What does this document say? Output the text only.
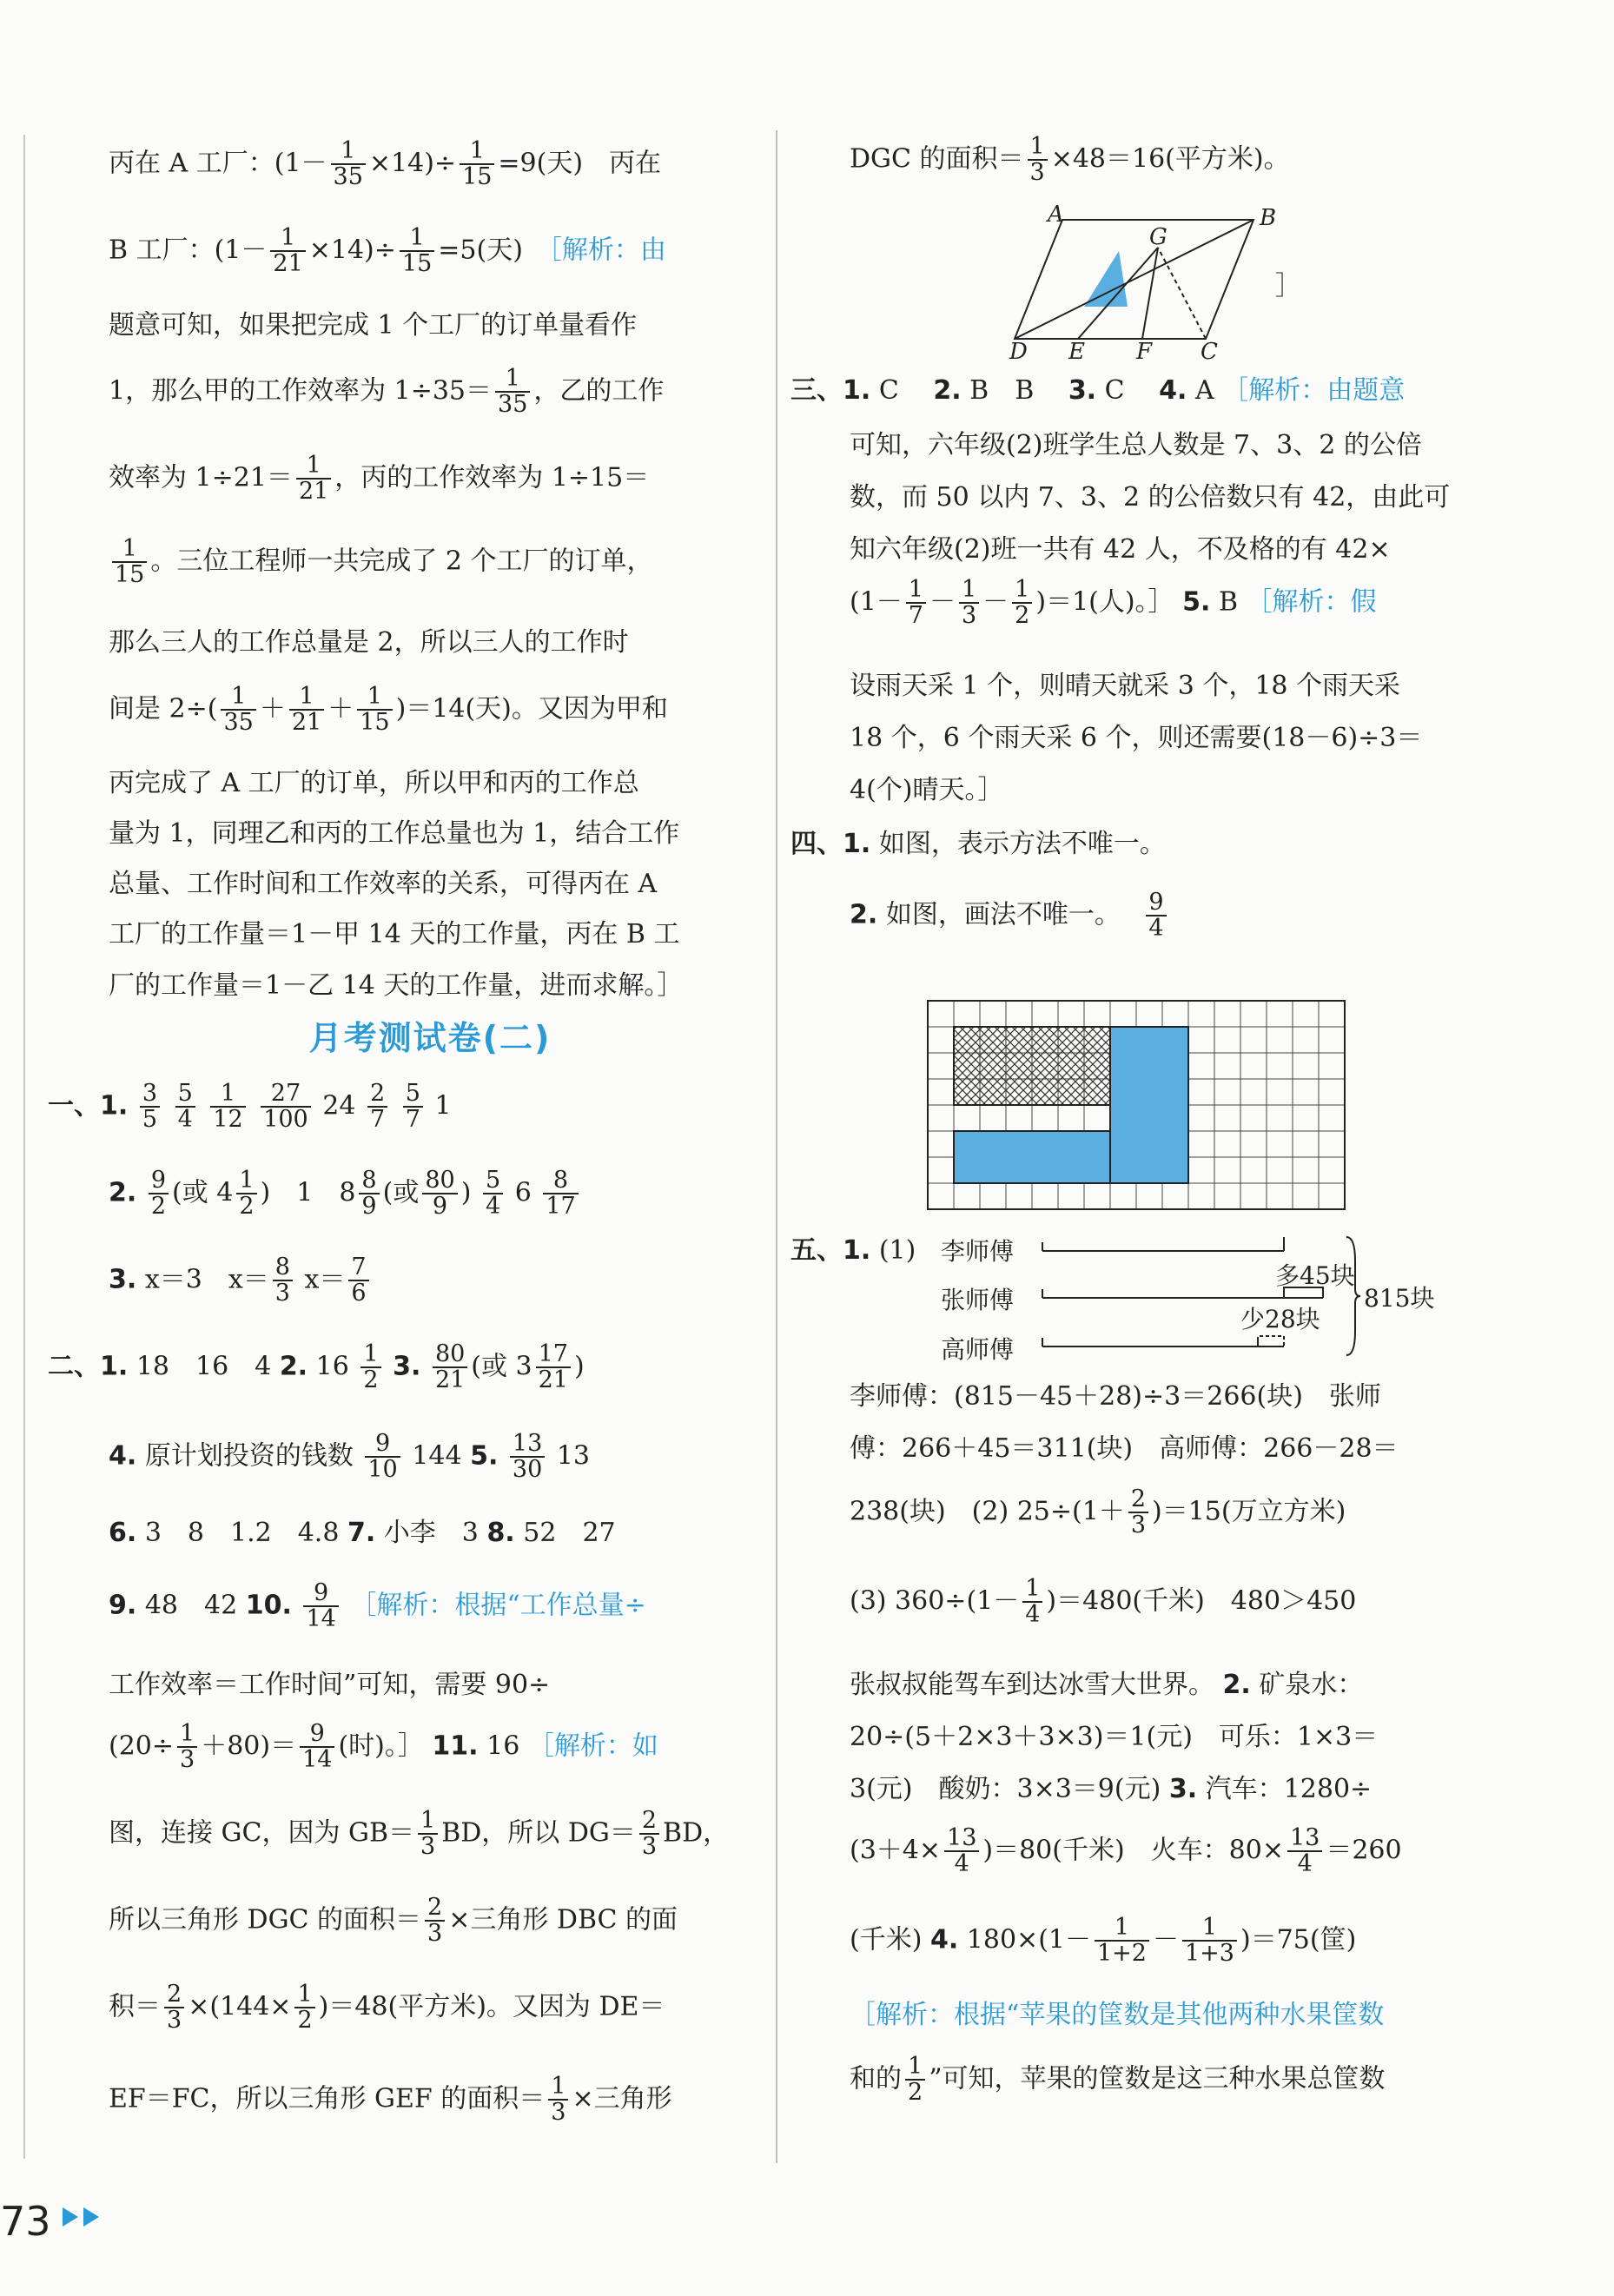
丙在 A 工厂：$(1- \frac{1}{35} \times 14)\div \frac{1}{15} =9$(天)　丙在
B 工厂：$(1- \frac{1}{21} \times 14)\div \frac{1}{15} =5$(天)　 ［解析：由
题意可知，如果把完成 1 个工厂的订单量看作
1，那么甲的工作效率为 $1\div 35= \frac{1}{35}$ ，乙的工作
效率为 $1\div 21= \frac{1}{21}$ ，丙的工作效率为 1÷15＝
$\frac{1}{15}$ 。三位工程师一共完成了 2 个工厂的订单，
那么三人的工作总量是 2，所以三人的工作时
间是 $2\div( \frac{1}{35} + \frac{1}{21} + \frac{1}{15} )=14$(天)。又因为甲和
丙完成了 A 工厂的订单，所以甲和丙的工作总
量为 1，同理乙和丙的工作总量也为 1，结合工作
总量、工作时间和工作效率的关系，可得丙在 A
工厂的工作量＝1－甲 14 天的工作量，丙在 B 工
厂的工作量＝1－乙 14 天的工作量，进而求解。］
月考测试卷(二)
一、1. $\frac{3}{5}$
$\frac{5}{4}$
$\frac{1}{12}$
$\frac{27}{100} 24 \frac{2}{7}$
$\frac{5}{7} 1$
2. $\frac{9}{2}$ (或 $4 \frac{1}{2}$ )　1　$8 \frac{8}{9}$ (或 $\frac{80}{9}$ ) $\frac{5}{4} 6 \frac{8}{17}$
3. x＝3　$x= \frac{8}{3} x= \frac{7}{6}$
二、1. 18　16　4 2. $16 \frac{1}{2} 3$. $\frac{80}{21}$ (或 $3 \frac{17}{21}$ )
4. 原计划投资的钱数 $\frac{9}{10} 144$ 5. $\frac{13}{30} 13$
6. 3　8　1.2　4.8 7. 小李　3 8. 52　27
9. 48　42 10. $\frac{9}{14}$ ［解析：根据“工作总量÷
工作效率＝工作时间”可知，需要 90÷
$(20\div \frac{1}{3} +80)= \frac{9}{14}$ (时)。］ 11. 16 ［解析：如
图，连接 GC，因为 $GB= \frac{1}{3}$ BD，所以 $DG= \frac{2}{3}$ BD，
所以三角形 DGC 的面积＝ $\frac{2}{3}$ ×三角形 DBC 的面
积＝ $\frac{2}{3} \times(144\times \frac{1}{2} )=48$(平方米)。又因为 DE＝
EF＝FC，所以三角形 GEF 的面积＝ $\frac{1}{3}$ ×三角形
DGC 的面积＝ $\frac{1}{3} \times 48=16$(平方米)。
A	B
G
D E F C
］
三、1. C　 2. B　B　 3. C　 4. A ［解析：由题意
可知，六年级(2)班学生总人数是 7、3、2 的公倍
数，而 50 以内 7、3、2 的公倍数只有 42，由此可
知六年级(2)班一共有 42 人，不及格的有 42×
$(1- \frac{1}{7} - \frac{1}{3} - \frac{1}{2} )=1$(人)。］ 5. B ［解析：假
设雨天采 1 个，则晴天就采 3 个，18 个雨天采
18 个，6 个雨天采 6 个，则还需要(18－6)÷3＝
4(个)晴天。］
四、1. 如图，表示方法不唯一。
2. 如图，画法不唯一。 $\frac{9}{4}$
五、1. (1) 李师傅
张师傅
高师傅
多45块
少28块
815块
李师傅：(815－45＋28)÷3＝266(块)　张师
傅：266＋45＝311(块)　高师傅：266－28＝
238(块)　(2) $25\div(1+ \frac{2}{3} )=15$(万立方米)
(3) $360\div(1- \frac{1}{4} )=480$(千米)　480＞450
张叔叔能驾车到达冰雪大世界。 2. 矿泉水：
20÷(5＋2×3＋3×3)＝1(元)　可乐：1×3＝
3(元)　酸奶：3×3＝9(元) 3. 汽车：1280÷
$(3+4\times \frac{13}{4} )=80$(千米)　火车：$80\times \frac{13}{4} =260$
(千米) 4. $180\times(1- \frac{1}{1+2} - \frac{1}{1+3} )=75$(筐)
［解析：根据“苹果的筐数是其他两种水果筐数
和的 $\frac{1}{2}$ ”可知，苹果的筐数是这三种水果总筐数
73
